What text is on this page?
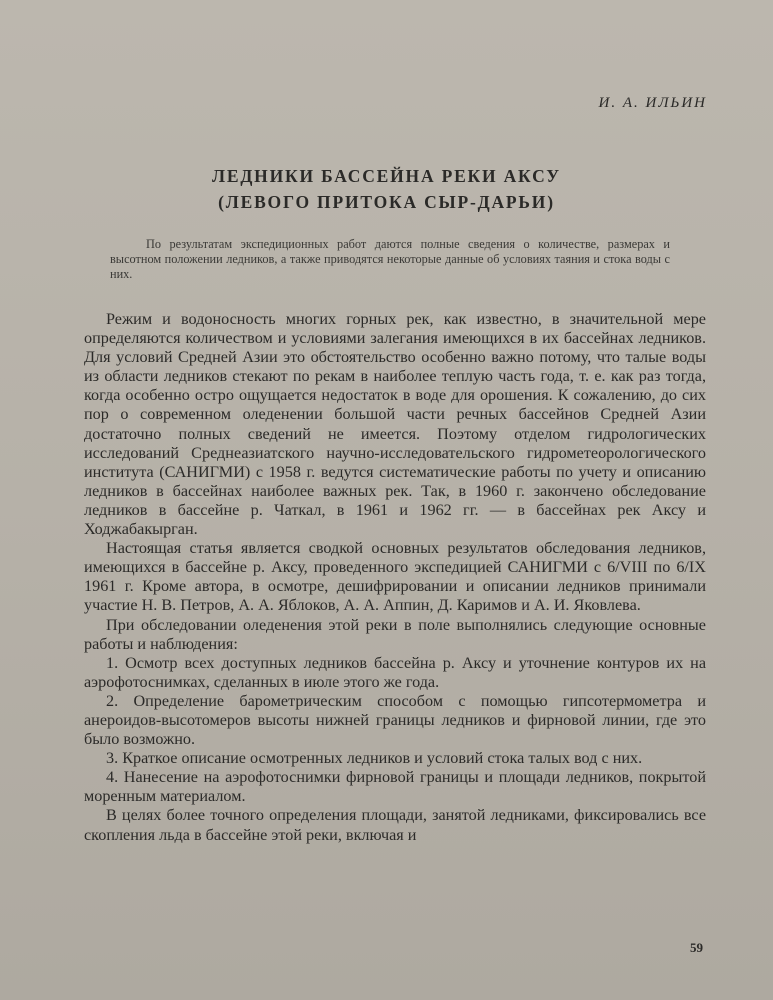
И. А. ИЛЬИН
ЛЕДНИКИ БАССЕЙНА РЕКИ АКСУ
(ЛЕВОГО ПРИТОКА СЫР-ДАРЬИ)
По результатам экспедиционных работ даются полные сведения о количестве, размерах и высотном положении ледников, а также приводятся некоторые данные об условиях таяния и стока воды с них.

Режим и водоносность многих горных рек, как известно, в значительной мере определяются количеством и условиями залегания имеющихся в их бассейнах ледников. Для условий Средней Азии это обстоятельство особенно важно потому, что талые воды из области ледников стекают по рекам в наиболее теплую часть года, т. е. как раз тогда, когда особенно остро ощущается недостаток в воде для орошения. К сожалению, до сих пор о современном оледенении большой части речных бассейнов Средней Азии достаточно полных сведений не имеется. Поэтому отделом гидрологических исследований Среднеазиатского научно-исследовательского гидрометеорологического института (САНИГМИ) с 1958 г. ведутся систематические работы по учету и описанию ледников в бассейнах наиболее важных рек. Так, в 1960 г. закончено обследование ледников в бассейне р. Чаткал, в 1961 и 1962 гг. — в бассейнах рек Аксу и Ходжабакырган.

Настоящая статья является сводкой основных результатов обследования ледников, имеющихся в бассейне р. Аксу, проведенного экспедицией САНИГМИ с 6/VIII по 6/IX 1961 г. Кроме автора, в осмотре, дешифрировании и описании ледников принимали участие Н. В. Петров, А. А. Яблоков, А. А. Аппин, Д. Каримов и А. И. Яковлева.

При обследовании оледенения этой реки в поле выполнялись следующие основные работы и наблюдения:

1. Осмотр всех доступных ледников бассейна р. Аксу и уточнение контуров их на аэрофотоснимках, сделанных в июле этого же года.

2. Определение барометрическим способом с помощью гипсотермометра и анероидов-высотомеров высоты нижней границы ледников и фирновой линии, где это было возможно.

3. Краткое описание осмотренных ледников и условий стока талых вод с них.

4. Нанесение на аэрофотоснимки фирновой границы и площади ледников, покрытой моренным материалом.

В целях более точного определения площади, занятой ледниками, фиксировались все скопления льда в бассейне этой реки, включая и

59
